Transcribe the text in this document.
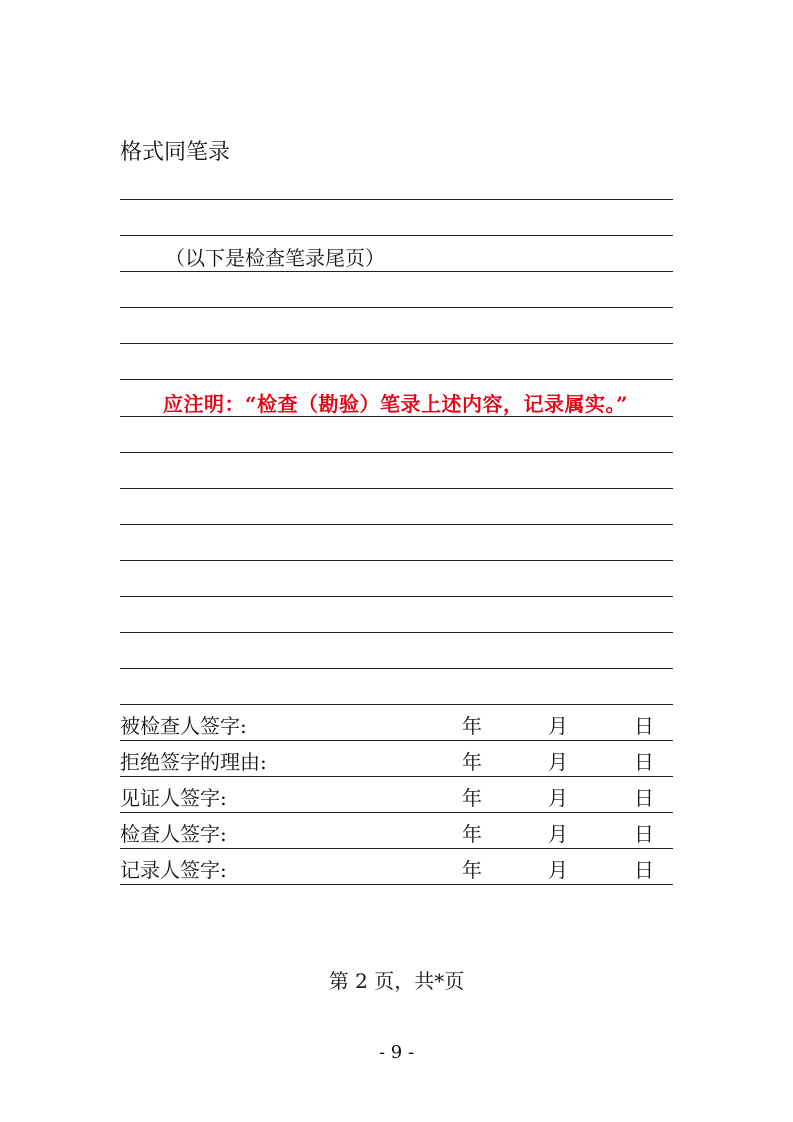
格式同笔录
（以下是检查笔录尾页）
应注明：“检查（勘验）笔录上述内容，记录属实。”
被检查人签字:	年	月	日
拒绝签字的理由:	年	月	日
见证人签字:	年	月	日
检查人签字:	年	月	日
记录人签字:	年	月	日
第 2 页，共*页
- 9 -
